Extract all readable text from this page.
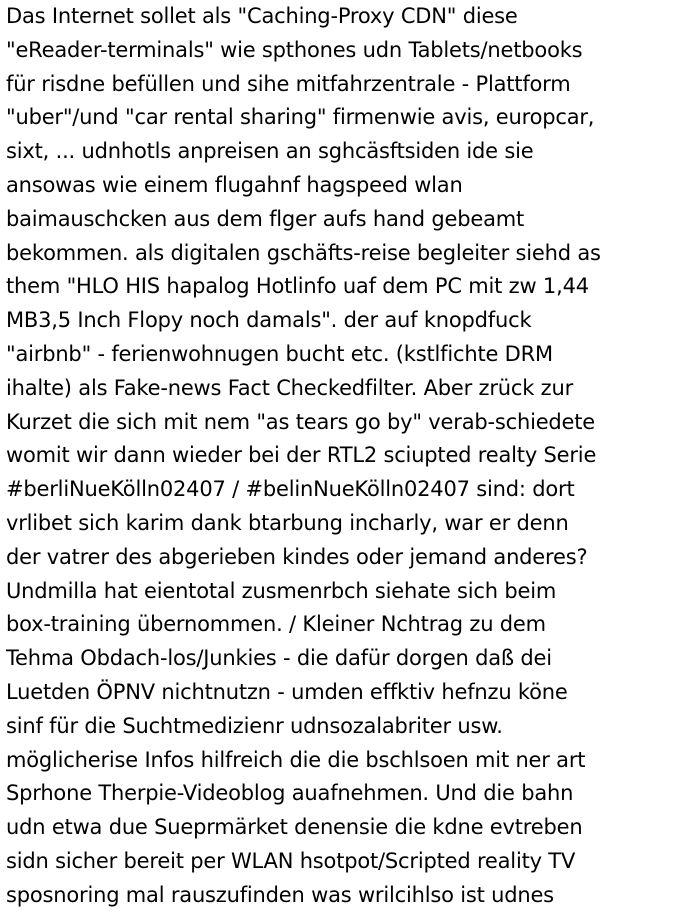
Das Internet sollet als "Caching-Proxy CDN" diese
"eReader-terminals" wie spthones udn Tablets/netbooks
für risdne befüllen und sihe mitfahrzentrale - Plattform
"uber"/und "car rental sharing" firmenwie avis, europcar,
sixt, ... udnhotls anpreisen an sghcäsftsiden ide sie
ansowas wie einem flugahnf hagspeed wlan
baimauschcken aus dem flger aufs hand gebeamt
bekommen. als digitalen gschäfts-reise begleiter siehd as
them "HLO HIS hapalog Hotlinfo uaf dem PC mit zw 1,44
MB3,5 Inch Flopy noch damals". der auf knopdfuck
"airbnb" - ferienwohnugen bucht etc. (kstlfichte DRM
ihalte) als Fake-news Fact Checkedfilter. Aber zrück zur
Kurzet die sich mit nem "as tears go by" verab-schiedete
womit wir dann wieder bei der RTL2 sciupted realty Serie
#berliNueKölln02407 / #belinNueKölln02407 sind: dort
vrlibet sich karim dank btarbung incharly, war er denn
der vatrer des abgerieben kindes oder jemand anderes?
Undmilla hat eientotal zusmenrbch siehate sich beim
box-training übernommen. / Kleiner Nchtrag zu dem
Tehma Obdach-los/Junkies - die dafür dorgen daß dei
Luetden ÖPNV nichtnutzn - umden effktiv hefnzu köne
sinf für die Suchtmedizienr udnsozalabriter usw.
möglicherise Infos hilfreich die die bschlsoen mit ner art
Sprhone Therpie-Videoblog auafnehmen. Und die bahn
udn etwa due Sueprmärket denensie die kdne evtreben
sidn sicher bereit per WLAN hsotpot/Scripted reality TV
sposnoring mal rauszufinden was wrilcihlso ist udnes
